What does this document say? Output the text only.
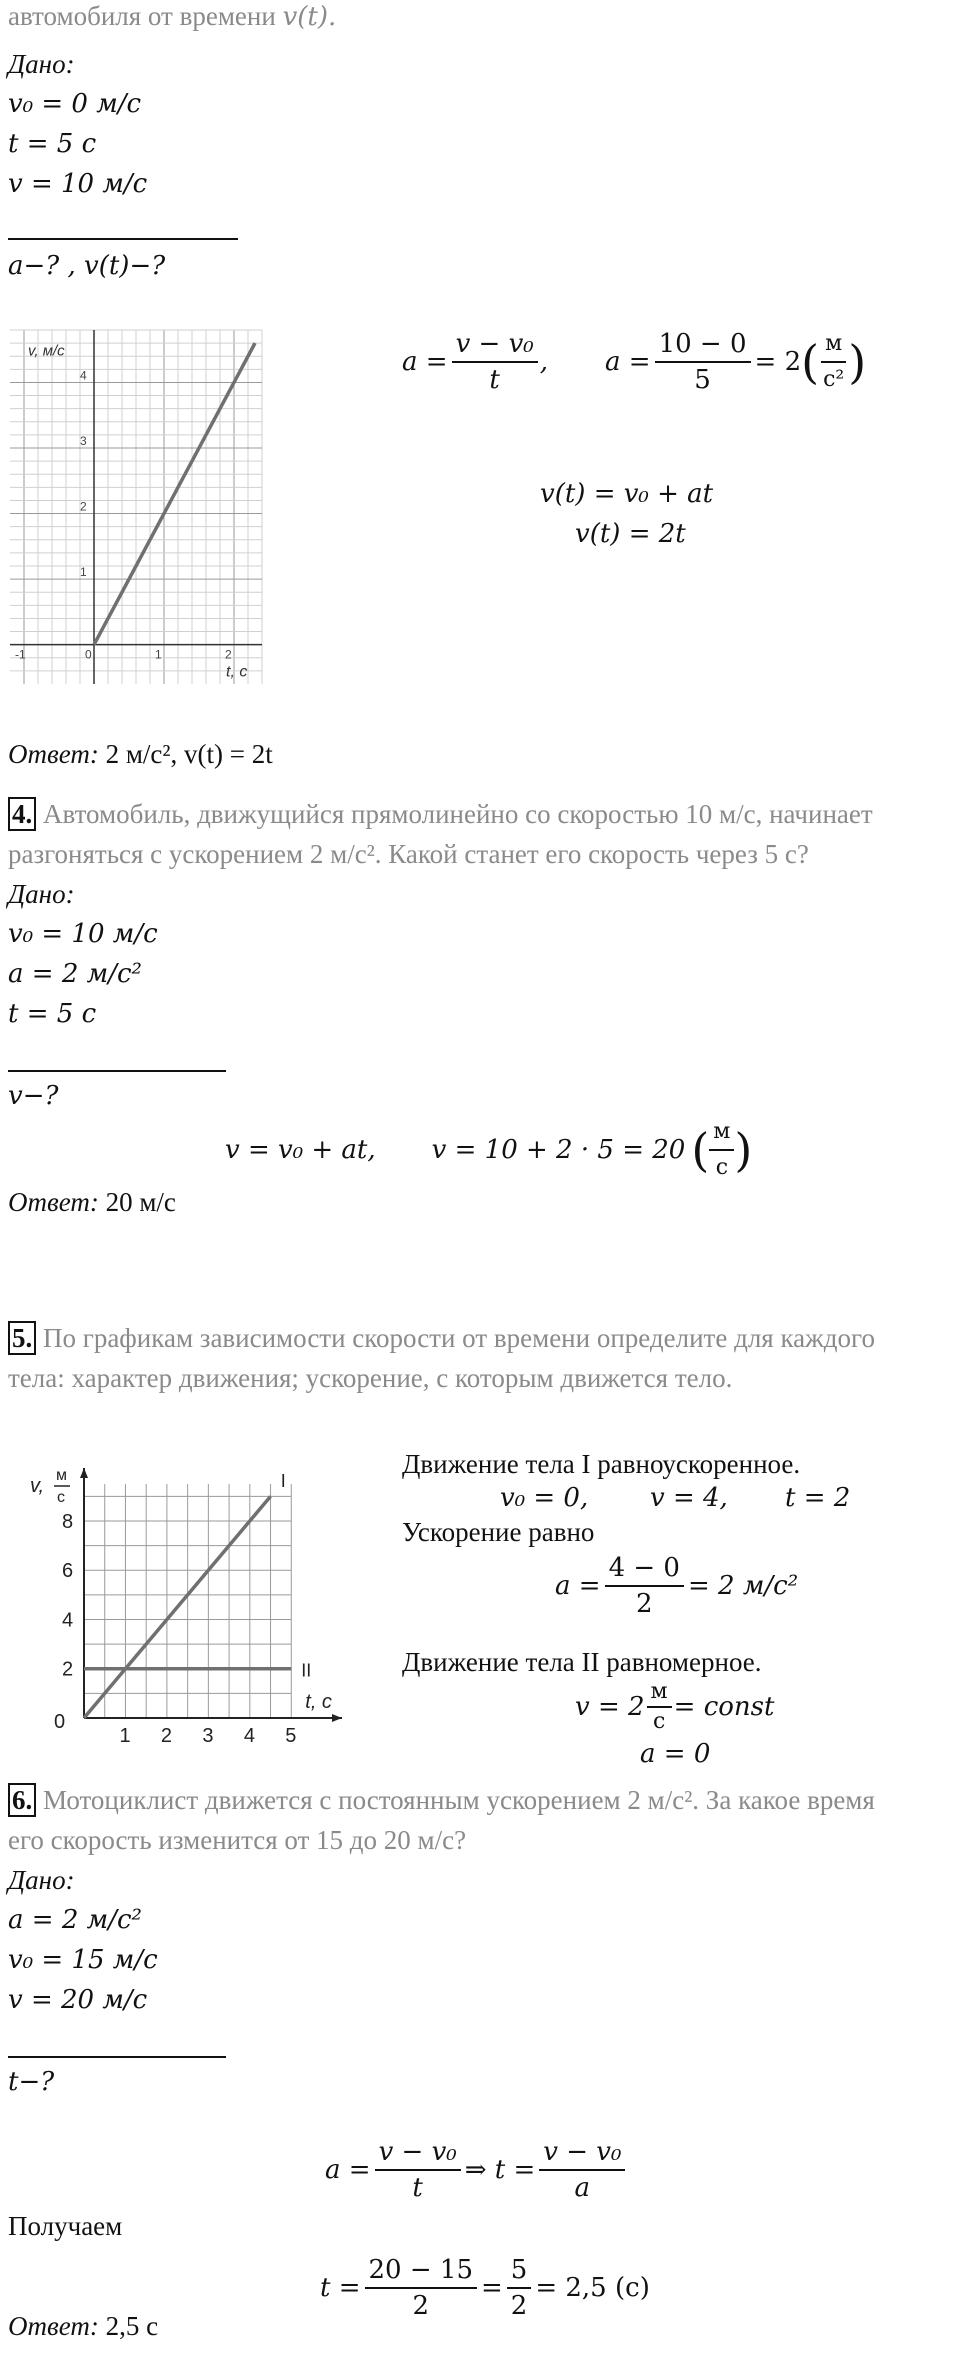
автомобиля от времени v(t).
Дано:
v₀ = 0 м/с
t = 5 с
v = 10 м/с
a−? , v(t)−?
-1	0	1	2
1
2
3
4
v, м/с
t, с
$a = \frac{\text{v − v₀}}{t}$ , $a = \frac{10 - 0}{5} = 2$ ( $\frac{м}{\text{с²}}$ )
v(t) = v₀ + at
v(t) = 2t
Ответ: 2 м/с², v(t) = 2t
4. Автомобиль, движущийся прямолинейно со скоростью 10 м/с, начинает
разгоняться с ускорением 2 м/с². Какой станет его скорость через 5 с?
Дано:
v₀ = 10 м/с
a = 2 м/с²
t = 5 с
v−?
v = v₀ + at, v = 10 + 2 · 5 = 20 ( $\frac{м}{с}$ )
Ответ: 20 м/с
5. По графикам зависимости скорости от времени определите для каждого
тела: характер движения; ускорение, с которым движется тело.
1 2 3 4 5
2
4
6
8
0
v, м
с
t, с
I
II
Движение тела I равноускоренное.
v₀ = 0, v = 4, t = 2
Ускорение равно
$a = \frac{4 - 0}{2} = 2$ м/с²
Движение тела II равномерное.
$v = 2 \frac{м}{с}$ = const
a = 0
6. Мотоциклист движется с постоянным ускорением 2 м/с². За какое время
его скорость изменится от 15 до 20 м/с?
Дано:
a = 2 м/с²
v₀ = 15 м/с
v = 20 м/с
t−?
$a = \frac{\text{v − v₀}}{t}$ ⇒ $t = \frac{\text{v − v₀}}{a}$
Получаем
$t = \frac{20 - 15}{2} = \frac{5}{2} = 2,5$ (с)
Ответ: 2,5 с
